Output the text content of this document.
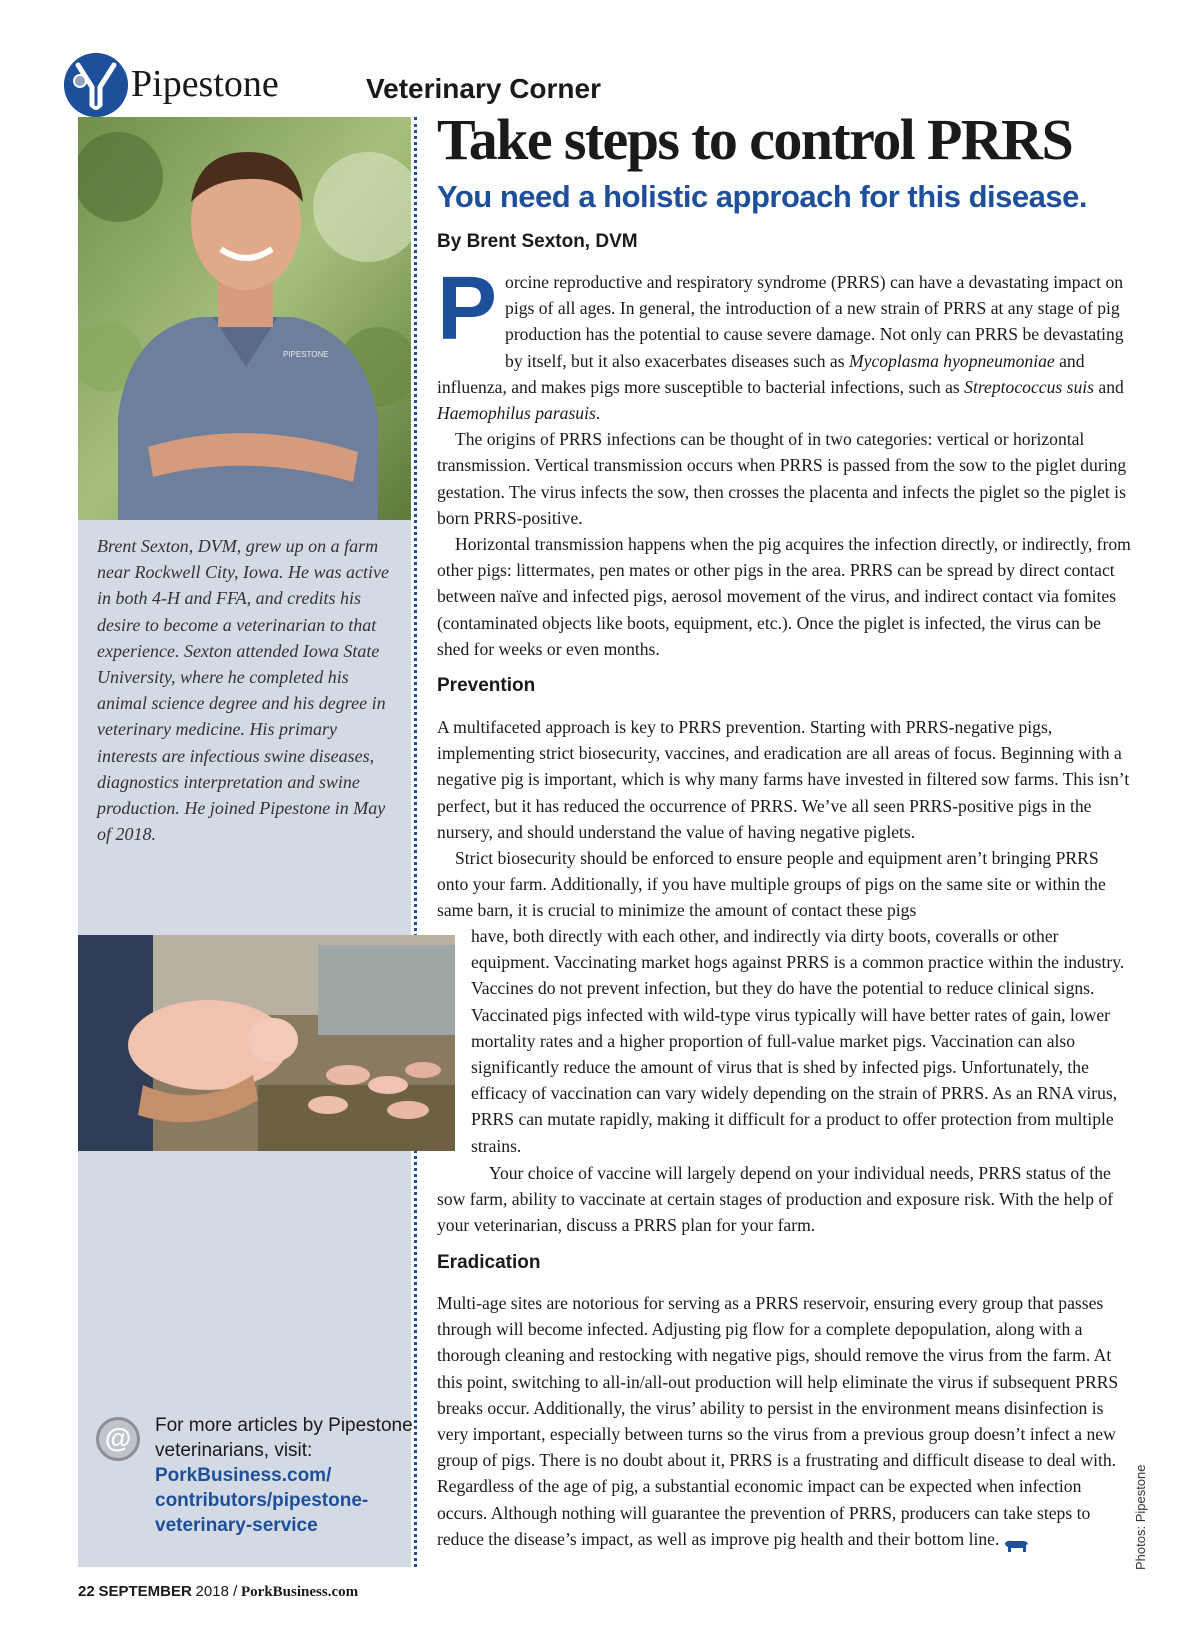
Pipestone	Veterinary Corner
PIPESTONE
Brent Sexton, DVM, grew up on a farm near Rockwell City, Iowa. He was active in both 4-H and FFA, and credits his desire to become a veterinarian to that experience. Sexton attended Iowa State University, where he completed his animal science degree and his degree in veterinary medicine. His primary interests are infectious swine diseases, diagnostics interpretation and swine production. He joined Pipestone in May of 2018.
@	For more articles by Pipestone veterinarians, visit: PorkBusiness.com/ contributors/pipestone-veterinary-service
Take steps to control PRRS
You need a holistic approach for this disease.
By Brent Sexton, DVM

Porcine reproductive and respiratory syndrome (PRRS) can have a devastating impact on pigs of all ages. In general, the introduction of a new strain of PRRS at any stage of pig production has the potential to cause severe damage. Not only can PRRS be devastating by itself, but it also exacerbates diseases such as Mycoplasma hyopneumoniae and influenza, and makes pigs more susceptible to bacterial infections, such as Streptococcus suis and Haemophilus parasuis.

The origins of PRRS infections can be thought of in two categories: vertical or horizontal transmission. Vertical transmission occurs when PRRS is passed from the sow to the piglet during gestation. The virus infects the sow, then crosses the placenta and infects the piglet so the piglet is born PRRS-positive.

Horizontal transmission happens when the pig acquires the infection directly, or indirectly, from other pigs: littermates, pen mates or other pigs in the area. PRRS can be spread by direct contact between naïve and infected pigs, aerosol movement of the virus, and indirect contact via fomites (contaminated objects like boots, equipment, etc.). Once the piglet is infected, the virus can be shed for weeks or even months.

Prevention

A multifaceted approach is key to PRRS prevention. Starting with PRRS-negative pigs, implementing strict biosecurity, vaccines, and eradication are all areas of focus. Beginning with a negative pig is important, which is why many farms have invested in filtered sow farms. This isn’t perfect, but it has reduced the occurrence of PRRS. We’ve all seen PRRS-positive pigs in the nursery, and should understand the value of having negative piglets.

Strict biosecurity should be enforced to ensure people and equipment aren’t bringing PRRS onto your farm. Additionally, if you have multiple groups of pigs on the same site or within the same barn, it is crucial to minimize the amount of contact these pigs

have, both directly with each other, and indirectly via dirty boots, coveralls or other equipment. Vaccinating market hogs against PRRS is a common practice within the industry. Vaccines do not prevent infection, but they do have the potential to reduce clinical signs. Vaccinated pigs infected with wild-type virus typically will have better rates of gain, lower mortality rates and a higher proportion of full-value market pigs. Vaccination can also significantly reduce the amount of virus that is shed by infected pigs. Unfortunately, the efficacy of vaccination can vary widely depending on the strain of PRRS. As an RNA virus, PRRS can mutate rapidly, making it difficult for a product to offer protection from multiple strains.

Your choice of vaccine will largely depend on your individual needs, PRRS status of the sow farm, ability to vaccinate at certain stages of production and exposure risk. With the help of your veterinarian, discuss a PRRS plan for your farm.

Eradication

Multi-age sites are notorious for serving as a PRRS reservoir, ensuring every group that passes through will become infected. Adjusting pig flow for a complete depopulation, along with a thorough cleaning and restocking with negative pigs, should remove the virus from the farm. At this point, switching to all-in/all-out production will help eliminate the virus if subsequent PRRS breaks occur. Additionally, the virus’ ability to persist in the environment means disinfection is very important, especially between turns so the virus from a previous group doesn’t infect a new group of pigs. There is no doubt about it, PRRS is a frustrating and difficult disease to deal with. Regardless of the age of pig, a substantial economic impact can be expected when infection occurs. Although nothing will guarantee the prevention of PRRS, producers can take steps to reduce the disease’s impact, as well as improve pig health and their bottom line.	Photos: Pipestone
22 SEPTEMBER 2018 / PorkBusiness.com
